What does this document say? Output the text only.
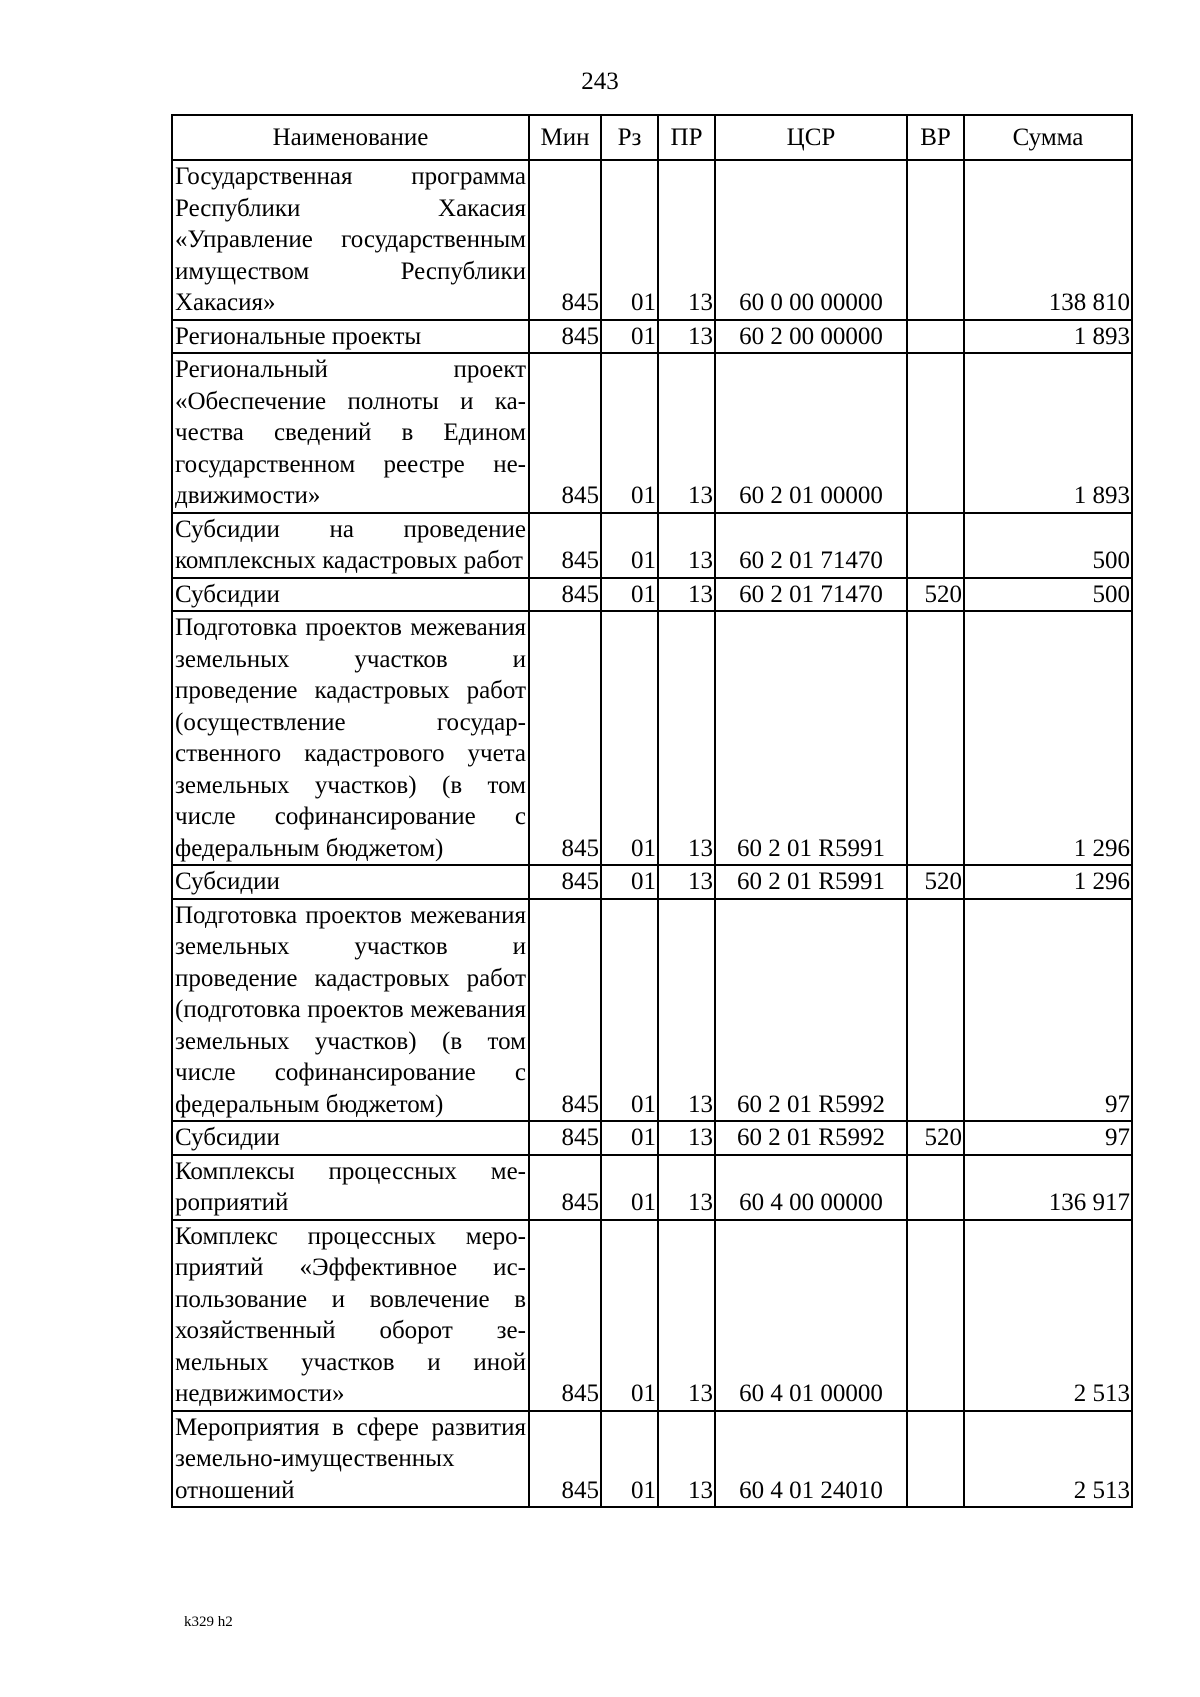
243
Наименование	Мин	Рз	ПР	ЦСР	ВР	Сумма
Государственная программа Республики Хакасия «Управление государственным имуществом Республики Хакасия»	845	01	13	60 0 00 00000		138 810
Региональные проекты	845	01	13	60 2 00 00000		1 893
Региональный проект «Обеспечение полноты и качества сведений в Едином государственном реестре недвижимости»	845	01	13	60 2 01 00000		1 893
Субсидии на проведение комплексных кадастровых работ	845	01	13	60 2 01 71470		500
Субсидии	845	01	13	60 2 01 71470	520	500
Подготовка проектов межевания земельных участков и проведение кадастровых работ (осуществление государственного кадастрового учета земельных участков) (в том числе софинансирование с федеральным бюджетом)	845	01	13	60 2 01 R5991		1 296
Субсидии	845	01	13	60 2 01 R5991	520	1 296
Подготовка проектов межевания земельных участков и проведение кадастровых работ (подготовка проектов межевания земельных участков) (в том числе софинансирование с федеральным бюджетом)	845	01	13	60 2 01 R5992		97
Субсидии	845	01	13	60 2 01 R5992	520	97
Комплексы процессных мероприятий	845	01	13	60 4 00 00000		136 917
Комплекс процессных мероприятий «Эффективное использование и вовлечение в хозяйственный оборот земельных участков и иной недвижимости»	845	01	13	60 4 01 00000		2 513
Мероприятия в сфере развития земельно-имущественных отношений	845	01	13	60 4 01 24010		2 513
k329 h2
